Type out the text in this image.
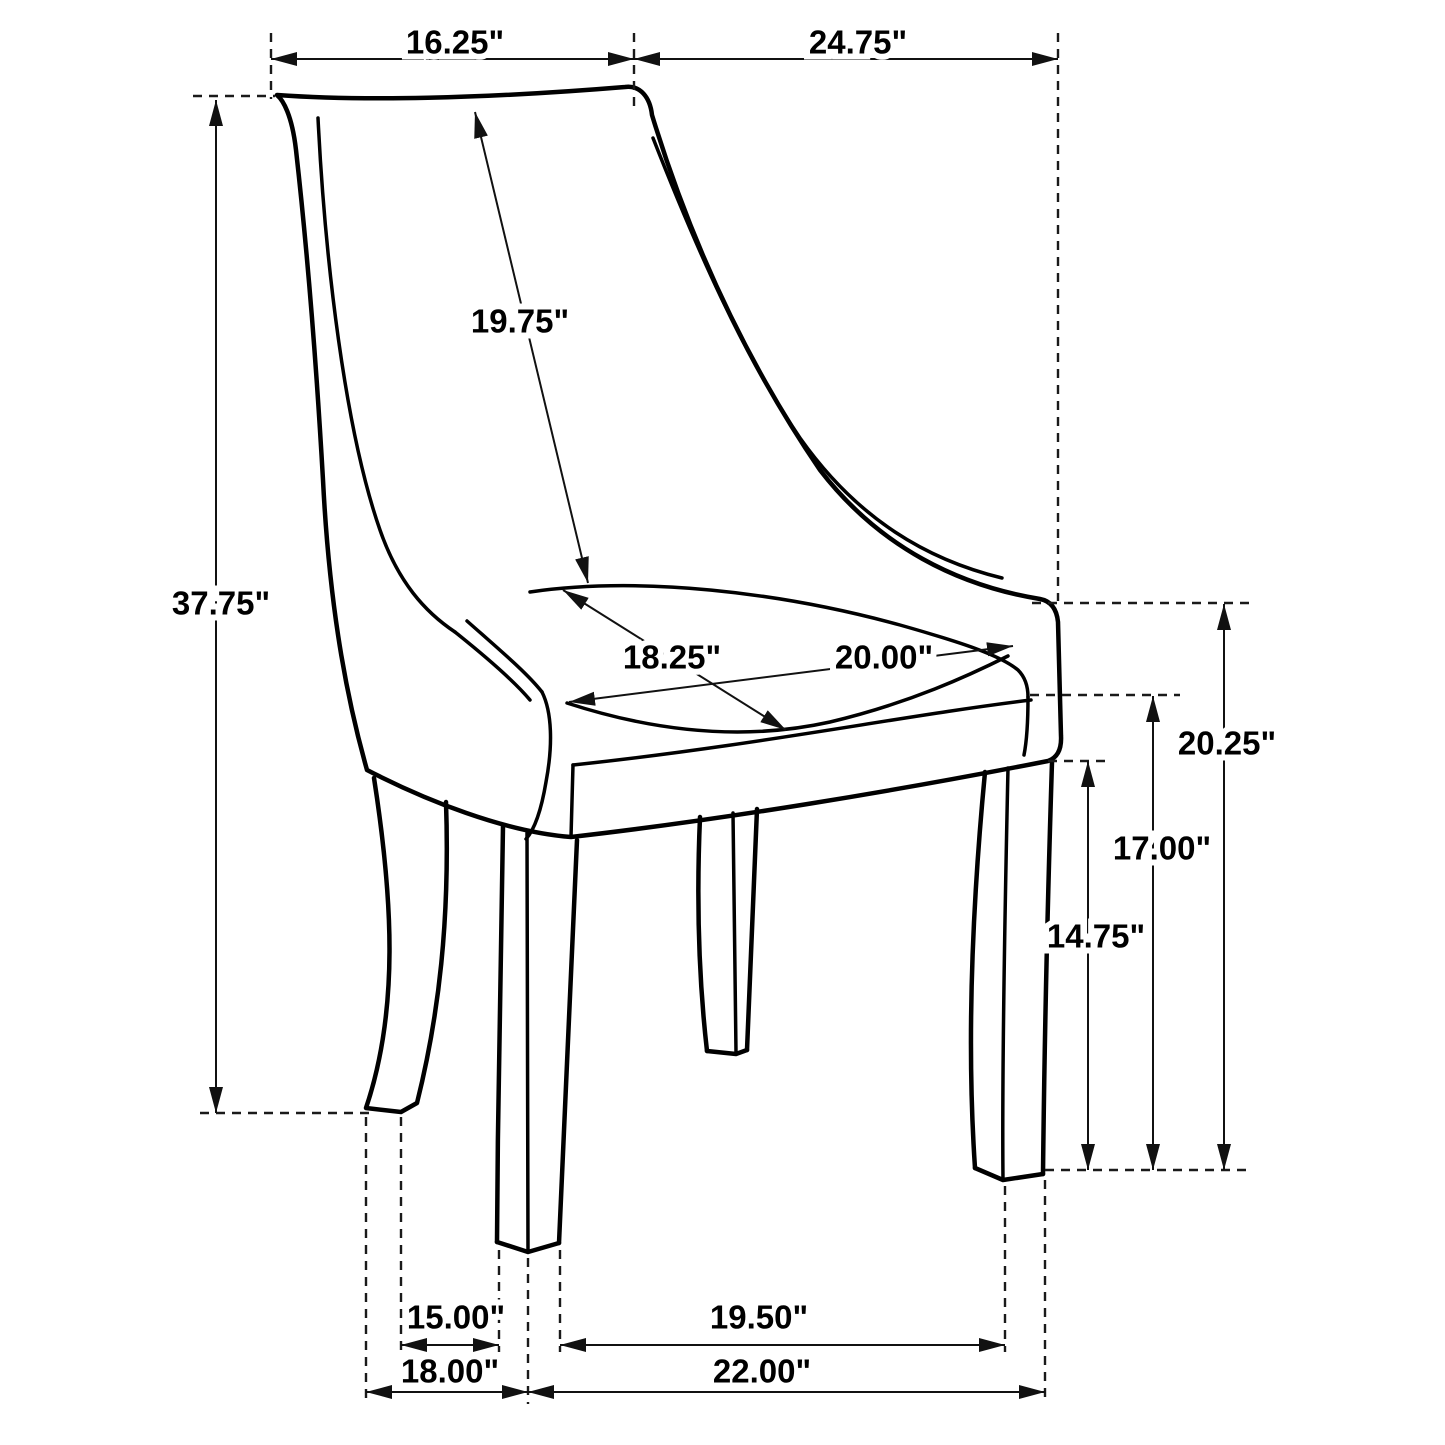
16.25"	24.75"
37.75"
19.75"
18.25"	20.00"
20.25"
17.00"
14.75"
15.00"	19.50"
18.00"	22.00"
